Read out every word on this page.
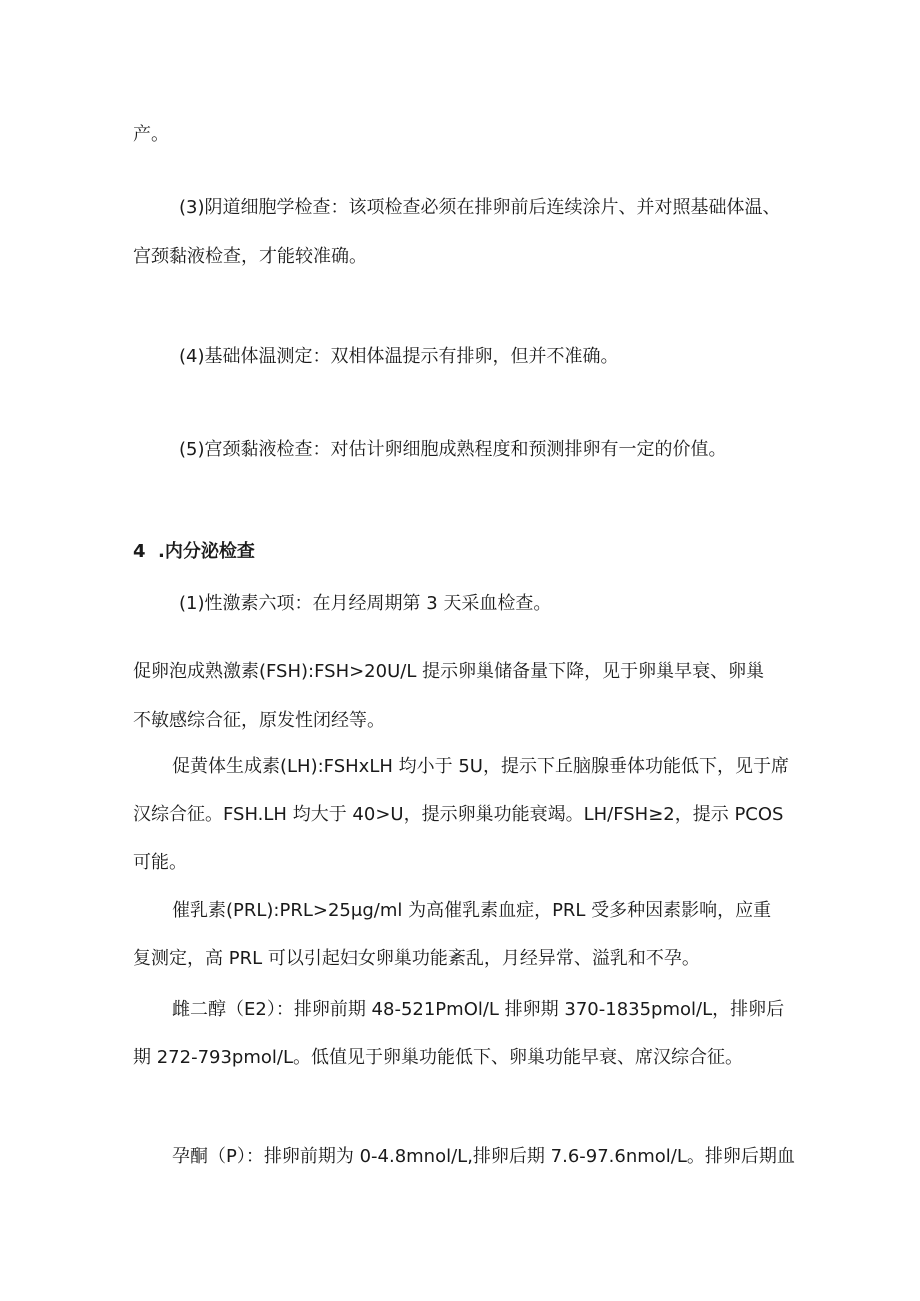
产。
(3)阴道细胞学检查：该项检查必须在排卵前后连续涂片、并对照基础体温、
宫颈黏液检查，才能较准确。
(4)基础体温测定：双相体温提示有排卵，但并不准确。
(5)宫颈黏液检查：对估计卵细胞成熟程度和预测排卵有一定的价值。
4 .内分泌检查
(1)性激素六项：在月经周期第 3 天采血检查。
促卵泡成熟激素(FSH):FSH>20U/L 提示卵巢储备量下降，见于卵巢早衰、卵巢
不敏感综合征，原发性闭经等。
促黄体生成素(LH):FSHxLH 均小于 5U，提示下丘脑腺垂体功能低下，见于席
汉综合征。FSH.LH 均大于 40>U，提示卵巢功能衰竭。LH/FSH≥2，提示 PCOS
可能。
催乳素(PRL):PRL>25μg/ml 为高催乳素血症，PRL 受多种因素影响，应重
复测定，高 PRL 可以引起妇女卵巢功能紊乱，月经异常、溢乳和不孕。
雌二醇（E2）：排卵前期 48-521PmOl/L 排卵期 370-1835pmol/L，排卵后
期 272-793pmol/L。低值见于卵巢功能低下、卵巢功能早衰、席汉综合征。
孕酮（P）：排卵前期为 0-4.8mnol/L,排卵后期 7.6-97.6nmol/L。排卵后期血
